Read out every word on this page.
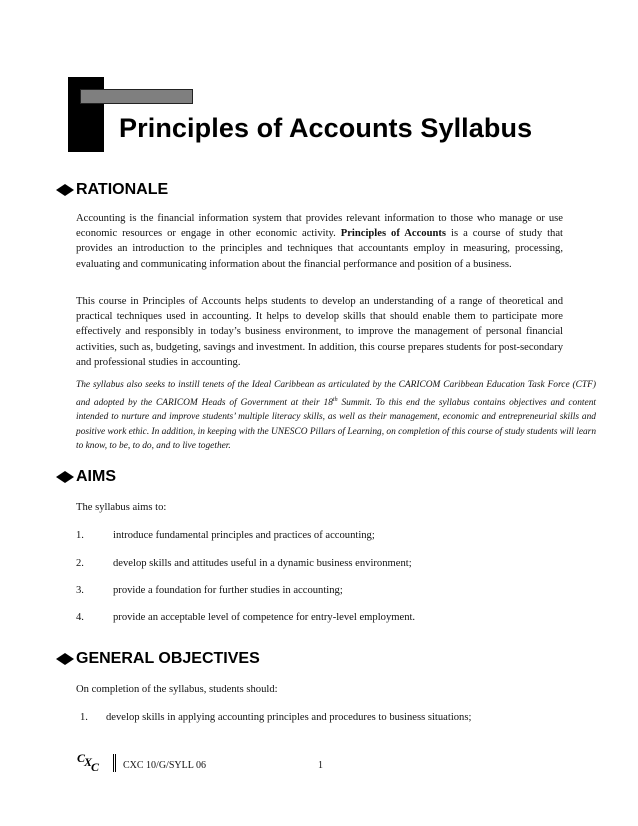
Principles of Accounts Syllabus
RATIONALE

Accounting is the financial information system that provides relevant information to those who manage or use economic resources or engage in other economic activity. Principles of Accounts is a course of study that provides an introduction to the principles and techniques that accountants employ in measuring, processing, evaluating and communicating information about the financial performance and position of a business.

This course in Principles of Accounts helps students to develop an understanding of a range of theoretical and practical techniques used in accounting. It helps to develop skills that should enable them to participate more effectively and responsibly in today’s business environment, to improve the management of personal financial activities, such as, budgeting, savings and investment. In addition, this course prepares students for post-secondary and professional studies in accounting.

The syllabus also seeks to instill tenets of the Ideal Caribbean as articulated by the CARICOM Caribbean Education Task Force (CTF) and adopted by the CARICOM Heads of Government at their 18th Summit. To this end the syllabus contains objectives and content intended to nurture and improve students’ multiple literacy skills, as well as their management, economic and entrepreneurial skills and positive work ethic. In addition, in keeping with the UNESCO Pillars of Learning, on completion of this course of study students will learn to know, to be, to do, and to live together.

AIMS

The syllabus aims to:

1.	introduce fundamental principles and practices of accounting;

2.	develop skills and attitudes useful in a dynamic business environment;

3.	provide a foundation for further studies in accounting;

4.	provide an acceptable level of competence for entry-level employment.

GENERAL OBJECTIVES

On completion of the syllabus, students should:

1. develop skills in applying accounting principles and procedures to business situations;

C
X
C CXC 10/G/SYLL 06	1
